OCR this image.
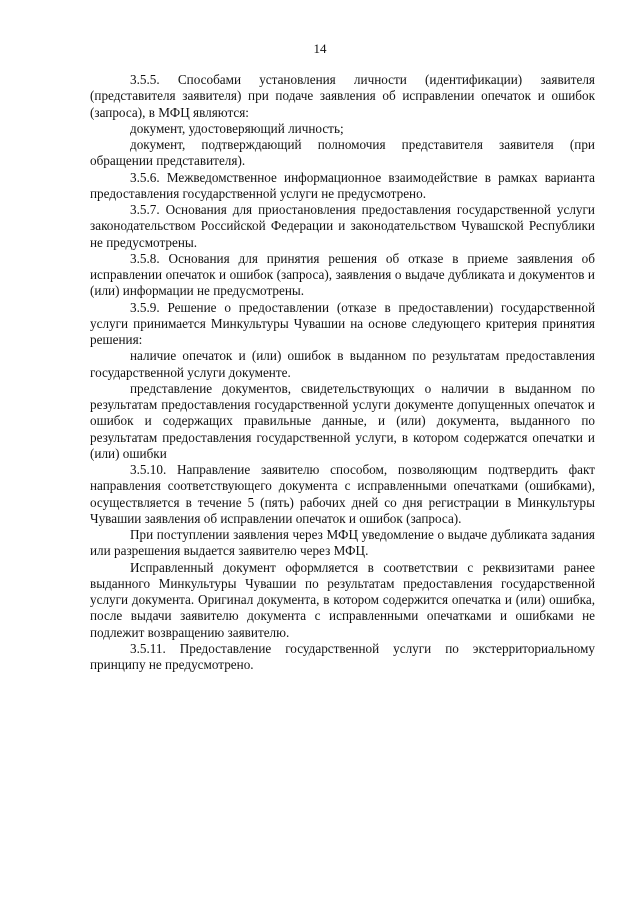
14

3.5.5. Способами установления личности (идентификации) заявителя (представителя заявителя) при подаче заявления об исправлении опечаток и ошибок (запроса), в МФЦ являются:

документ, удостоверяющий личность;

документ, подтверждающий полномочия представителя заявителя (при обращении представителя).

3.5.6. Межведомственное информационное взаимодействие в рамках варианта предоставления государственной услуги не предусмотрено.

3.5.7. Основания для приостановления предоставления государственной услуги законодательством Российской Федерации и законодательством Чувашской Республики не предусмотрены.

3.5.8. Основания для принятия решения об отказе в приеме заявления об исправлении опечаток и ошибок (запроса), заявления о выдаче дубликата и документов и (или) информации не предусмотрены.

3.5.9. Решение о предоставлении (отказе в предоставлении) государственной услуги принимается Минкультуры Чувашии на основе следующего критерия принятия решения:

наличие опечаток и (или) ошибок в выданном по результатам предоставления государственной услуги документе.

представление документов, свидетельствующих о наличии в выданном по результатам предоставления государственной услуги документе допущенных опечаток и ошибок и содержащих правильные данные, и (или) документа, выданного по результатам предоставления государственной услуги, в котором содержатся опечатки и (или) ошибки

3.5.10. Направление заявителю способом, позволяющим подтвердить факт направления соответствующего документа с исправленными опечатками (ошибками), осуществляется в течение 5 (пять) рабочих дней со дня регистрации в Минкультуры Чувашии заявления об исправлении опечаток и ошибок (запроса).

При поступлении заявления через МФЦ уведомление о выдаче дубликата задания или разрешения выдается заявителю через МФЦ.

Исправленный документ оформляется в соответствии с реквизитами ранее выданного Минкультуры Чувашии по результатам предоставления государственной услуги документа. Оригинал документа, в котором содержится опечатка и (или) ошибка, после выдачи заявителю документа с исправленными опечатками и ошибками не подлежит возвращению заявителю.

3.5.11. Предоставление государственной услуги по экстерриториальному принципу не предусмотрено.
